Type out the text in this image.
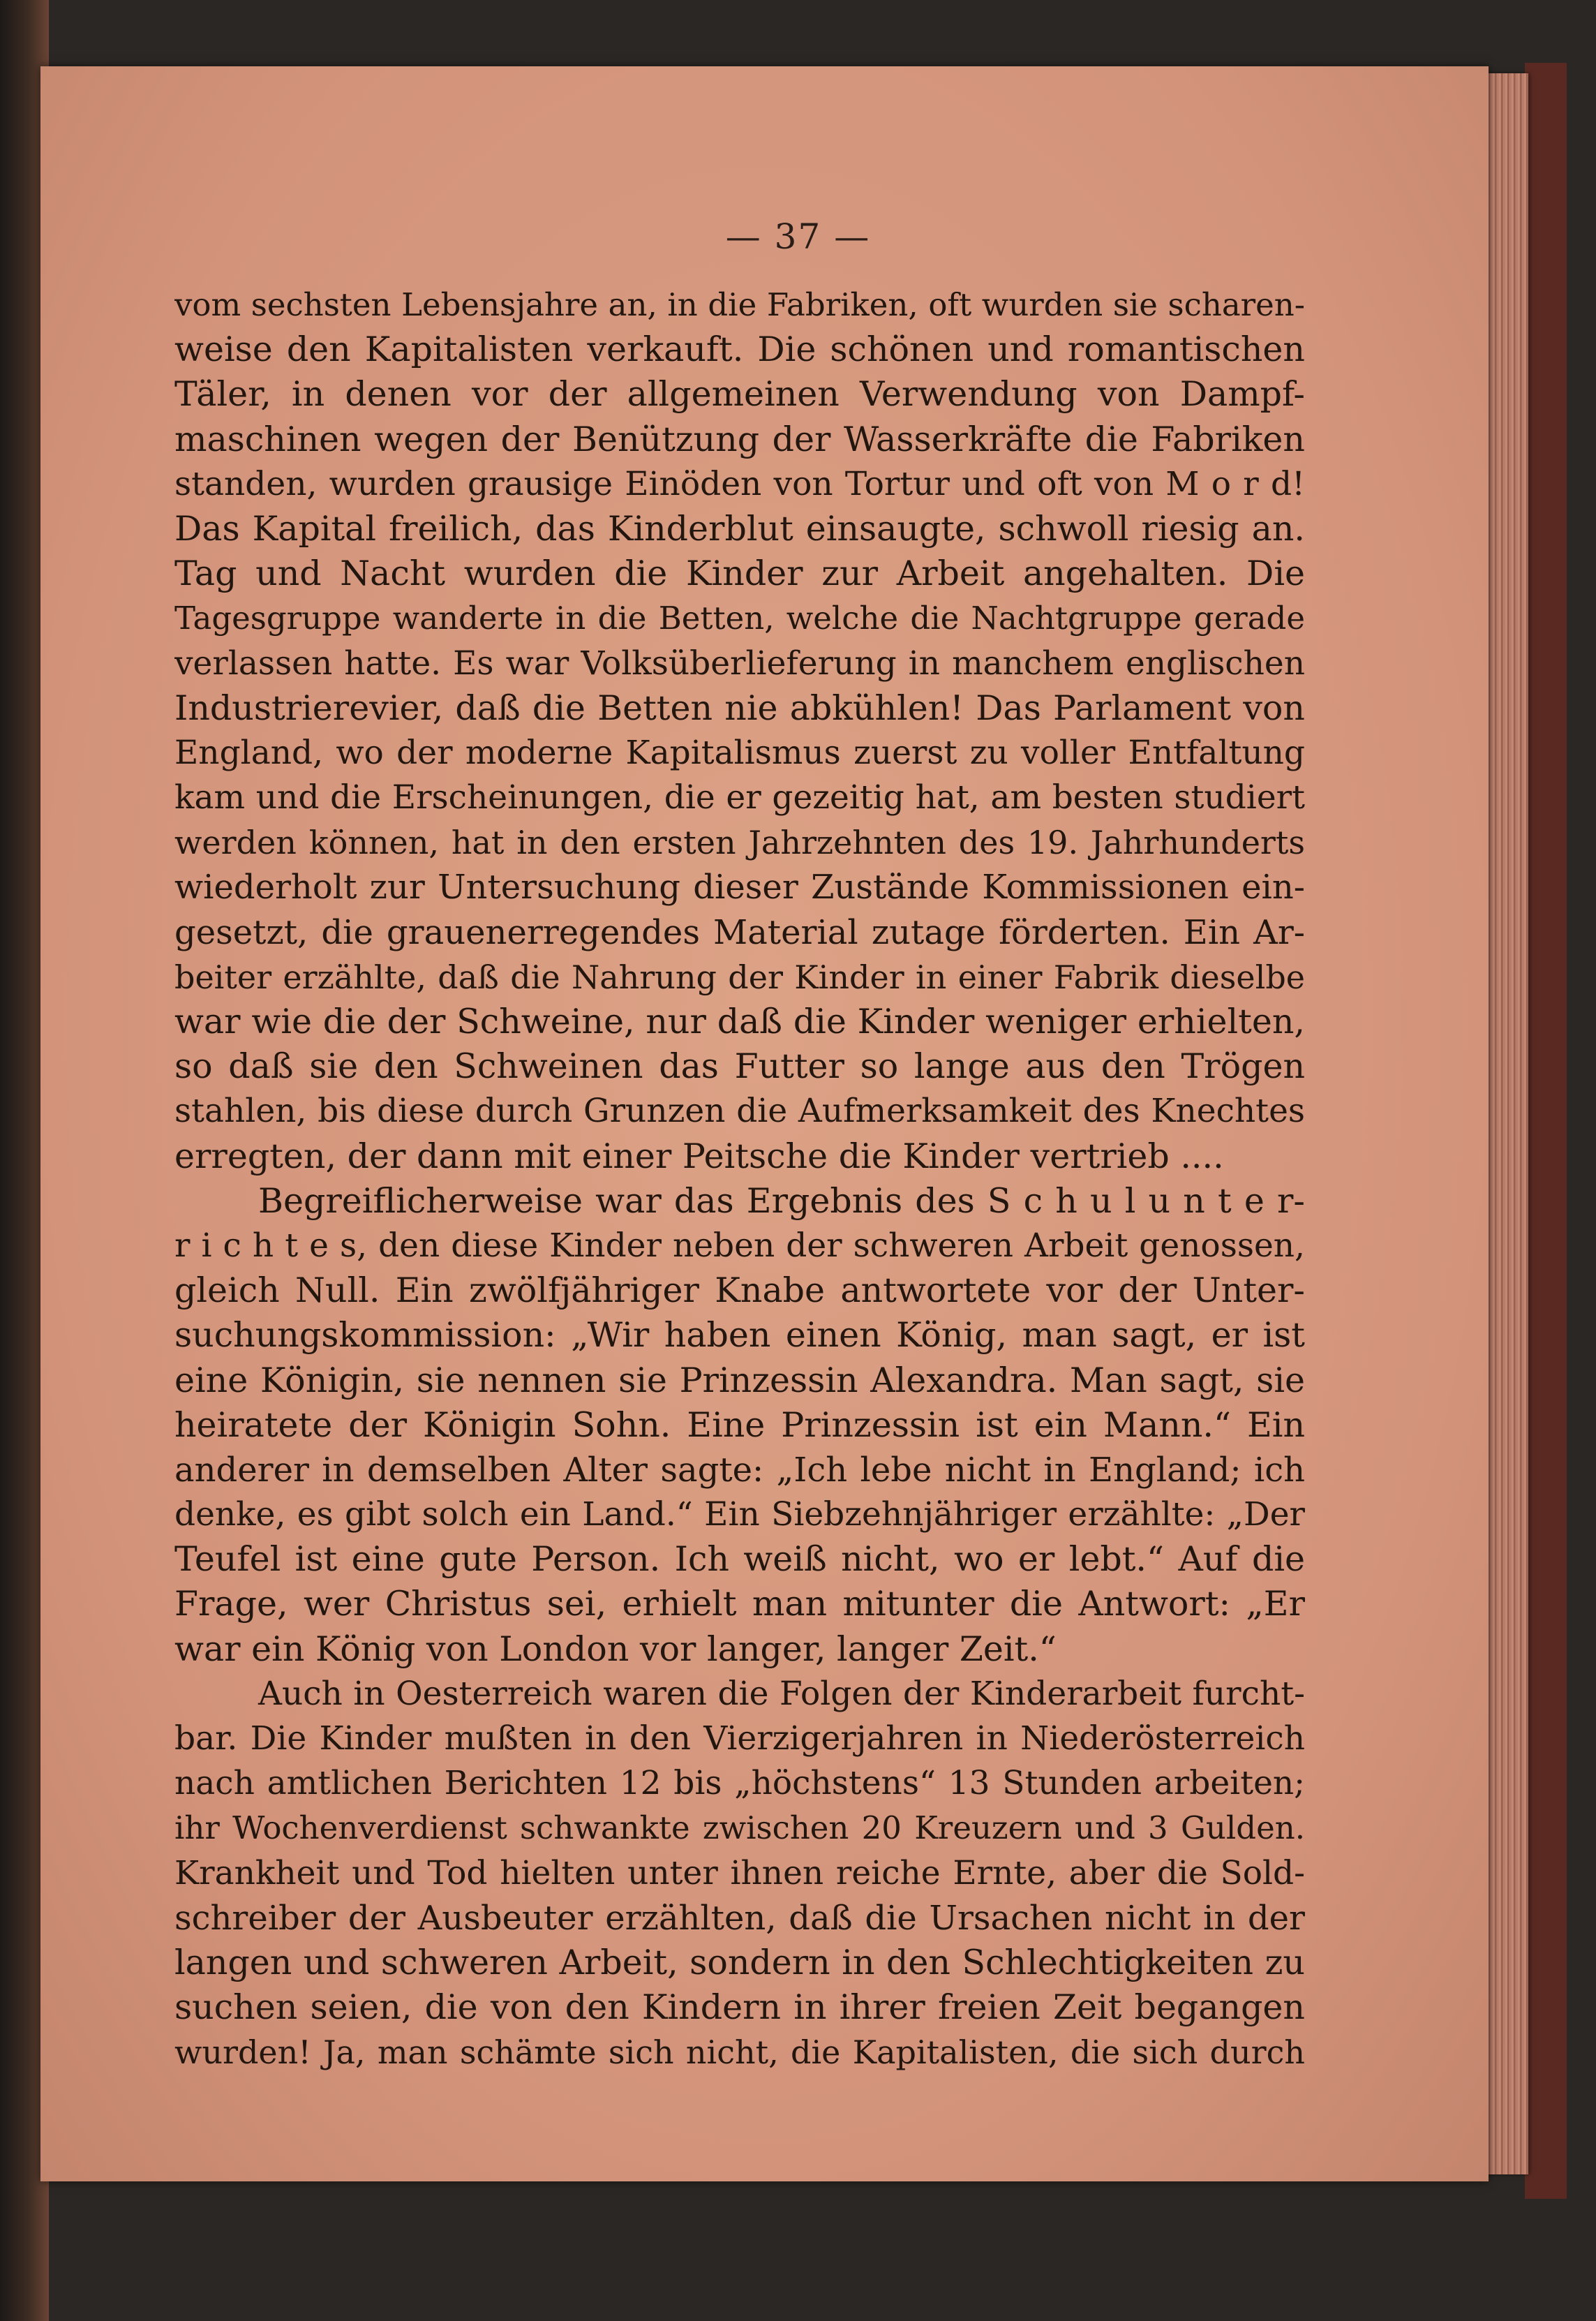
— 37 —
vom sechsten Lebensjahre an, in die Fabriken, oft wurden sie scharen-
weise den Kapitalisten verkauft. Die schönen und romantischen
Täler, in denen vor der allgemeinen Verwendung von Dampf-
maschinen wegen der Benützung der Wasserkräfte die Fabriken
standen, wurden grausige Einöden von Tortur und oft von M o r d!
Das Kapital freilich, das Kinderblut einsaugte, schwoll riesig an.
Tag und Nacht wurden die Kinder zur Arbeit angehalten. Die
Tagesgruppe wanderte in die Betten, welche die Nachtgruppe gerade
verlassen hatte. Es war Volksüberlieferung in manchem englischen
Industrierevier, daß die Betten nie abkühlen! Das Parlament von
England, wo der moderne Kapitalismus zuerst zu voller Entfaltung
kam und die Erscheinungen, die er gezeitig hat, am besten studiert
werden können, hat in den ersten Jahrzehnten des 19. Jahrhunderts
wiederholt zur Untersuchung dieser Zustände Kommissionen ein-
gesetzt, die grauenerregendes Material zutage förderten. Ein Ar-
beiter erzählte, daß die Nahrung der Kinder in einer Fabrik dieselbe
war wie die der Schweine, nur daß die Kinder weniger erhielten,
so daß sie den Schweinen das Futter so lange aus den Trögen
stahlen, bis diese durch Grunzen die Aufmerksamkeit des Knechtes
erregten, der dann mit einer Peitsche die Kinder vertrieb ....
Begreiflicherweise war das Ergebnis des S c h u l u n t e r-
r i c h t e s, den diese Kinder neben der schweren Arbeit genossen,
gleich Null. Ein zwölfjähriger Knabe antwortete vor der Unter-
suchungskommission: „Wir haben einen König, man sagt, er ist
eine Königin, sie nennen sie Prinzessin Alexandra. Man sagt, sie
heiratete der Königin Sohn. Eine Prinzessin ist ein Mann.“ Ein
anderer in demselben Alter sagte: „Ich lebe nicht in England; ich
denke, es gibt solch ein Land.“ Ein Siebzehnjähriger erzählte: „Der
Teufel ist eine gute Person. Ich weiß nicht, wo er lebt.“ Auf die
Frage, wer Christus sei, erhielt man mitunter die Antwort: „Er
war ein König von London vor langer, langer Zeit.“
Auch in Oesterreich waren die Folgen der Kinderarbeit furcht-
bar. Die Kinder mußten in den Vierzigerjahren in Niederösterreich
nach amtlichen Berichten 12 bis „höchstens“ 13 Stunden arbeiten;
ihr Wochenverdienst schwankte zwischen 20 Kreuzern und 3 Gulden.
Krankheit und Tod hielten unter ihnen reiche Ernte, aber die Sold-
schreiber der Ausbeuter erzählten, daß die Ursachen nicht in der
langen und schweren Arbeit, sondern in den Schlechtigkeiten zu
suchen seien, die von den Kindern in ihrer freien Zeit begangen
wurden! Ja, man schämte sich nicht, die Kapitalisten, die sich durch
